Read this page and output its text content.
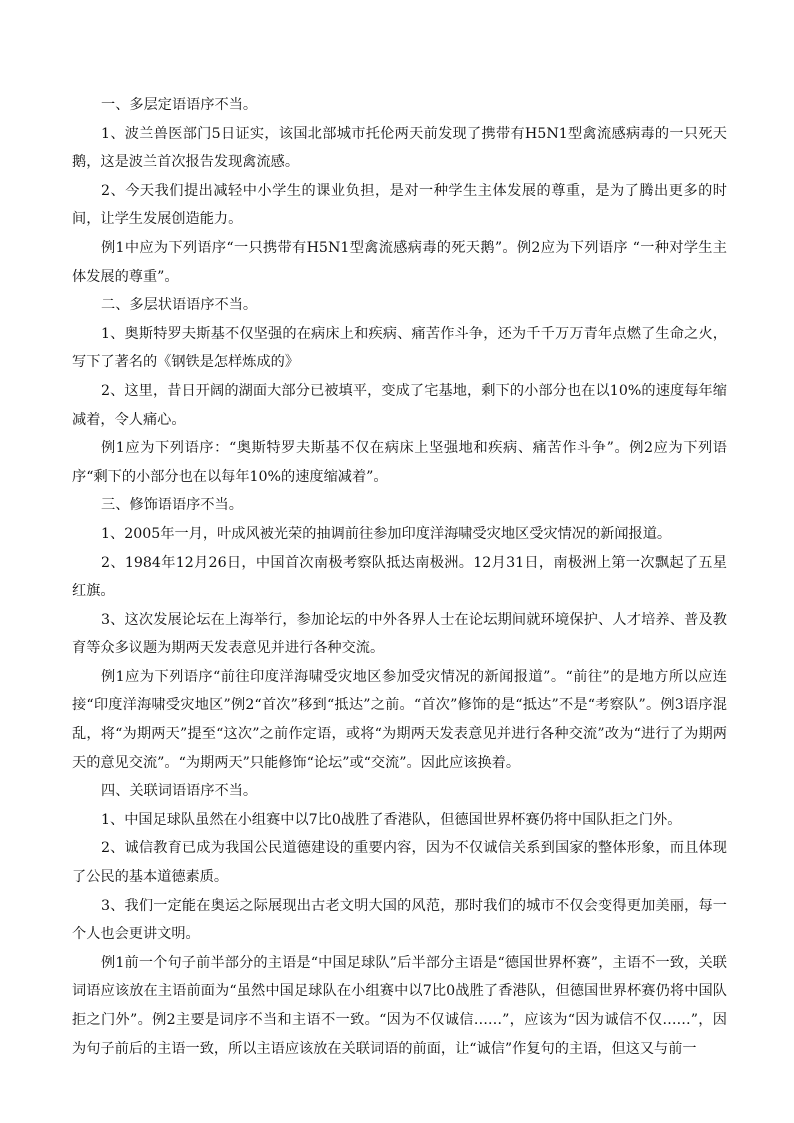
一、多层定语语序不当。

1、波兰兽医部门5日证实，该国北部城市托伦两天前发现了携带有H5N1型禽流感病毒的一只死天鹅，这是波兰首次报告发现禽流感。

2、今天我们提出减轻中小学生的课业负担，是对一种学生主体发展的尊重，是为了腾出更多的时间，让学生发展创造能力。

例1中应为下列语序“一只携带有H5N1型禽流感病毒的死天鹅”。例2应为下列语序 “一种对学生主体发展的尊重”。

二、多层状语语序不当。

1、奥斯特罗夫斯基不仅坚强的在病床上和疾病、痛苦作斗争，还为千千万万青年点燃了生命之火，写下了著名的《钢铁是怎样炼成的》

2、这里，昔日开阔的湖面大部分已被填平，变成了宅基地，剩下的小部分也在以10%的速度每年缩减着，令人痛心。

例1应为下列语序：“奥斯特罗夫斯基不仅在病床上坚强地和疾病、痛苦作斗争”。例2应为下列语序“剩下的小部分也在以每年10%的速度缩减着”。

三、修饰语语序不当。

1、2005年一月，叶成风被光荣的抽调前往参加印度洋海啸受灾地区受灾情况的新闻报道。

2、1984年12月26日，中国首次南极考察队抵达南极洲。12月31日，南极洲上第一次飘起了五星红旗。

3、这次发展论坛在上海举行，参加论坛的中外各界人士在论坛期间就环境保护、人才培养、普及教育等众多议题为期两天发表意见并进行各种交流。

例1应为下列语序“前往印度洋海啸受灾地区参加受灾情况的新闻报道”。“前往”的是地方所以应连接“印度洋海啸受灾地区”例2“首次”移到“抵达”之前。“首次”修饰的是“抵达”不是“考察队”。例3语序混乱，将“为期两天”提至“这次”之前作定语，或将“为期两天发表意见并进行各种交流”改为“进行了为期两天的意见交流”。“为期两天”只能修饰“论坛”或“交流”。因此应该换着。

四、关联词语语序不当。

1、中国足球队虽然在小组赛中以7比0战胜了香港队，但德国世界杯赛仍将中国队拒之门外。

2、诚信教育已成为我国公民道德建设的重要内容，因为不仅诚信关系到国家的整体形象，而且体现了公民的基本道德素质。

3、我们一定能在奥运之际展现出古老文明大国的风范，那时我们的城市不仅会变得更加美丽，每一个人也会更讲文明。

例1前一个句子前半部分的主语是“中国足球队”后半部分主语是“德国世界杯赛”，主语不一致，关联词语应该放在主语前面为“虽然中国足球队在小组赛中以7比0战胜了香港队，但德国世界杯赛仍将中国队拒之门外”。例2主要是词序不当和主语不一致。“因为不仅诚信……”，应该为“因为诚信不仅……”，因为句子前后的主语一致，所以主语应该放在关联词语的前面，让“诚信”作复句的主语，但这又与前一
